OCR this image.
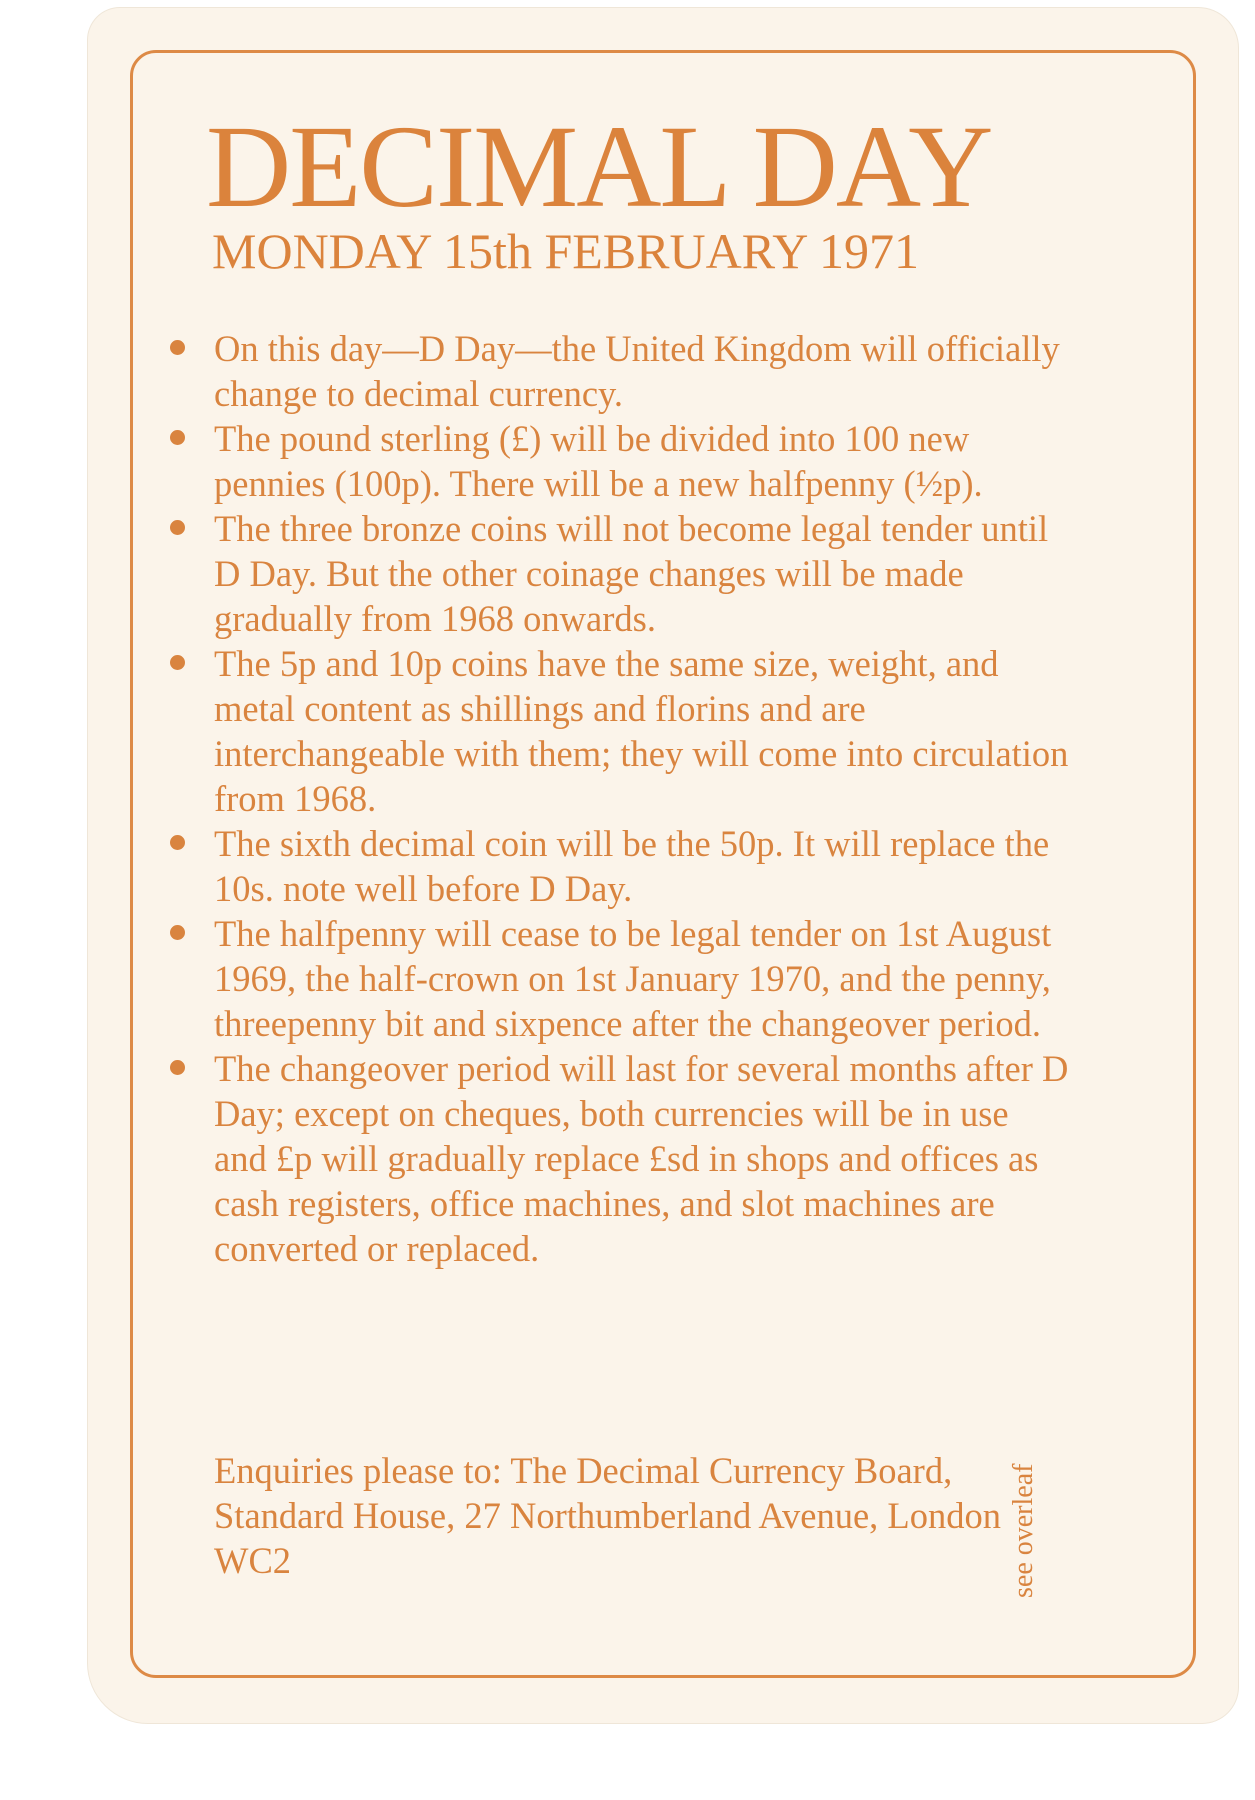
DECIMAL DAY
MONDAY 15th FEBRUARY 1971
On this day—D Day—the United Kingdom will officially change to decimal currency.
The pound sterling (£) will be divided into 100 new pennies (100p). There will be a new halfpenny (½p).
The three bronze coins will not become legal tender until D Day. But the other coinage changes will be made gradually from 1968 onwards.
The 5p and 10p coins have the same size, weight, and metal content as shillings and florins and are interchangeable with them; they will come into circulation from 1968.
The sixth decimal coin will be the 50p. It will replace the 10s. note well before D Day.
The halfpenny will cease to be legal tender on 1st August 1969, the half-crown on 1st January 1970, and the penny, threepenny bit and sixpence after the changeover period.
The changeover period will last for several months after D Day; except on cheques, both currencies will be in use and £p will gradually replace £sd in shops and offices as cash registers, office machines, and slot machines are converted or replaced.

Enquiries please to: The Decimal Currency Board, Standard House, 27 Northumberland Avenue, London WC2	see overleaf
